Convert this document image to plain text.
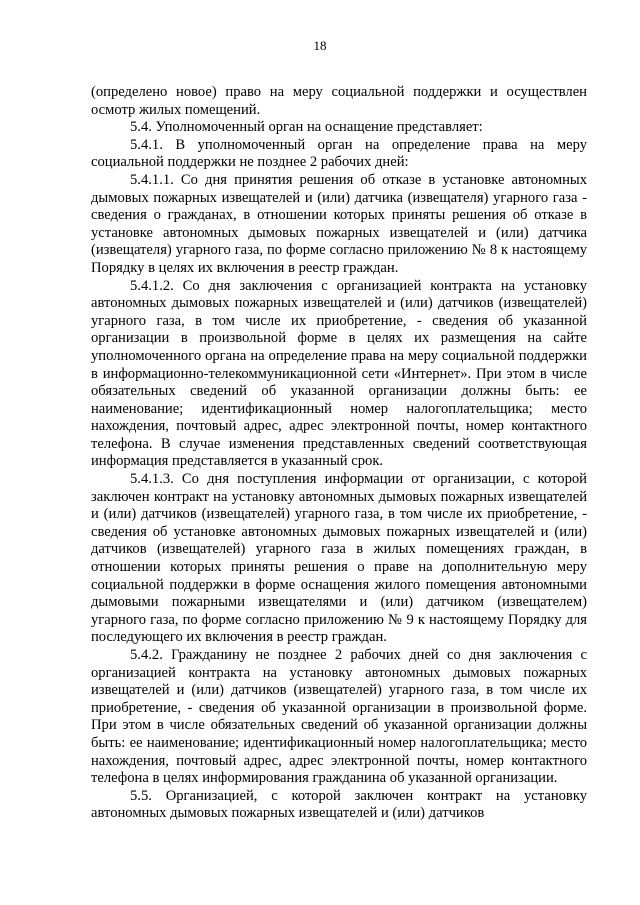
18

(определено новое) право на меру социальной поддержки и осуществлен осмотр жилых помещений.

5.4. Уполномоченный орган на оснащение представляет:

5.4.1. В уполномоченный орган на определение права на меру социальной поддержки не позднее 2 рабочих дней:

5.4.1.1. Со дня принятия решения об отказе в установке автономных дымовых пожарных извещателей и (или) датчика (извещателя) угарного газа - сведения о гражданах, в отношении которых приняты решения об отказе в установке автономных дымовых пожарных извещателей и (или) датчика (извещателя) угарного газа, по форме согласно приложению № 8 к настоящему Порядку в целях их включения в реестр граждан.

5.4.1.2. Со дня заключения с организацией контракта на установку автономных дымовых пожарных извещателей и (или) датчиков (извещателей) угарного газа, в том числе их приобретение, - сведения об указанной организации в произвольной форме в целях их размещения на сайте уполномоченного органа на определение права на меру социальной поддержки в информационно-телекоммуникационной сети «Интернет». При этом в числе обязательных сведений об указанной организации должны быть: ее наименование; идентификационный номер налогоплательщика; место нахождения, почтовый адрес, адрес электронной почты, номер контактного телефона. В случае изменения представленных сведений соответствующая информация представляется в указанный срок.

5.4.1.3. Со дня поступления информации от организации, с которой заключен контракт на установку автономных дымовых пожарных извещателей и (или) датчиков (извещателей) угарного газа, в том числе их приобретение, - сведения об установке автономных дымовых пожарных извещателей и (или) датчиков (извещателей) угарного газа в жилых помещениях граждан, в отношении которых приняты решения о праве на дополнительную меру социальной поддержки в форме оснащения жилого помещения автономными дымовыми пожарными извещателями и (или) датчиком (извещателем) угарного газа, по форме согласно приложению № 9 к настоящему Порядку для последующего их включения в реестр граждан.

5.4.2. Гражданину не позднее 2 рабочих дней со дня заключения с организацией контракта на установку автономных дымовых пожарных извещателей и (или) датчиков (извещателей) угарного газа, в том числе их приобретение, - сведения об указанной организации в произвольной форме. При этом в числе обязательных сведений об указанной организации должны быть: ее наименование; идентификационный номер налогоплательщика; место нахождения, почтовый адрес, адрес электронной почты, номер контактного телефона в целях информирования гражданина об указанной организации.

5.5. Организацией, с которой заключен контракт на установку автономных дымовых пожарных извещателей и (или) датчиков
